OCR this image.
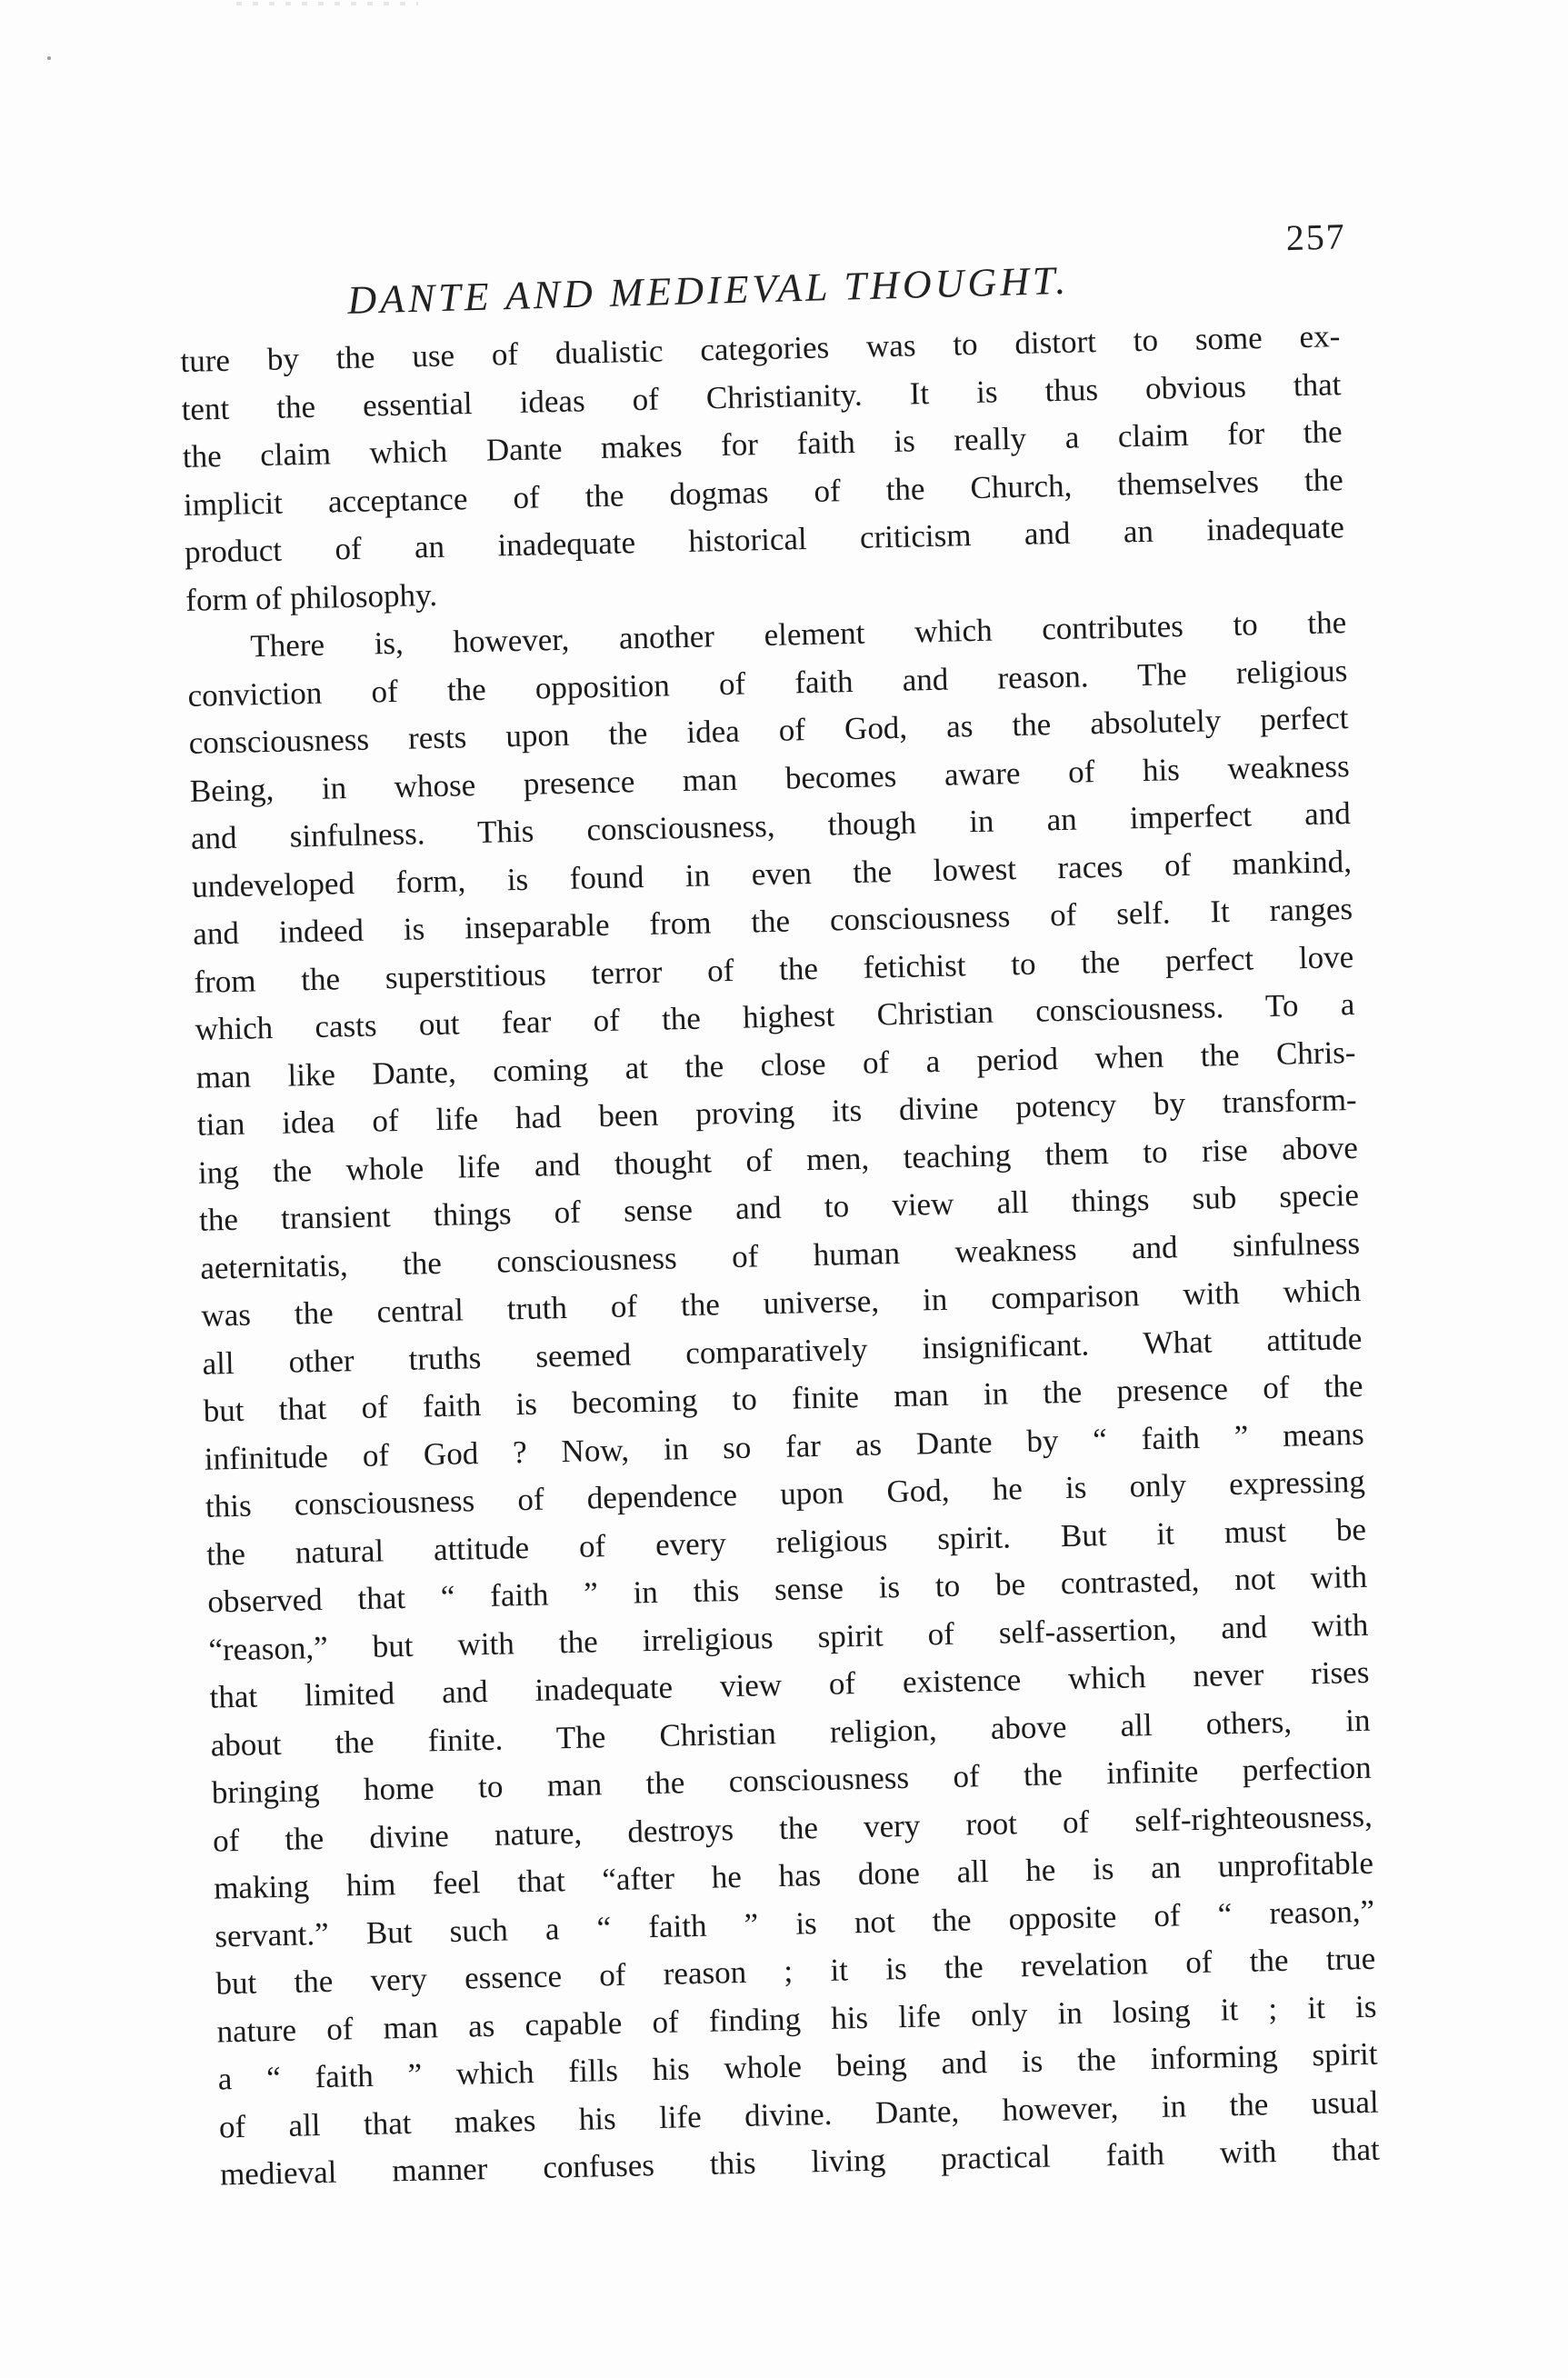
DANTE AND MEDIEVAL THOUGHT.
257
ture by the use of dualistic categories was to distort to some ex-
tent the essential ideas of Christianity. It is thus obvious that
the claim which Dante makes for faith is really a claim for the
implicit acceptance of the dogmas of the Church, themselves the
product of an inadequate historical criticism and an inadequate
form of philosophy.
There is, however, another element which contributes to the
conviction of the opposition of faith and reason. The religious
consciousness rests upon the idea of God, as the absolutely perfect
Being, in whose presence man becomes aware of his weakness
and sinfulness. This consciousness, though in an imperfect and
undeveloped form, is found in even the lowest races of mankind,
and indeed is inseparable from the consciousness of self. It ranges
from the superstitious terror of the fetichist to the perfect love
which casts out fear of the highest Christian consciousness. To a
man like Dante, coming at the close of a period when the Chris-
tian idea of life had been proving its divine potency by transform-
ing the whole life and thought of men, teaching them to rise above
the transient things of sense and to view all things sub specie
aeternitatis, the consciousness of human weakness and sinfulness
was the central truth of the universe, in comparison with which
all other truths seemed comparatively insignificant. What attitude
but that of faith is becoming to finite man in the presence of the
infinitude of God ? Now, in so far as Dante by “ faith ” means
this consciousness of dependence upon God, he is only expressing
the natural attitude of every religious spirit. But it must be
observed that “ faith ” in this sense is to be contrasted, not with
“reason,” but with the irreligious spirit of self-assertion, and with
that limited and inadequate view of existence which never rises
about the finite. The Christian religion, above all others, in
bringing home to man the consciousness of the infinite perfection
of the divine nature, destroys the very root of self-righteousness,
making him feel that “after he has done all he is an unprofitable
servant.” But such a “ faith ” is not the opposite of “ reason,”
but the very essence of reason ; it is the revelation of the true
nature of man as capable of finding his life only in losing it ; it is
a “ faith ” which fills his whole being and is the informing spirit
of all that makes his life divine. Dante, however, in the usual
medieval manner confuses this living practical faith with that
